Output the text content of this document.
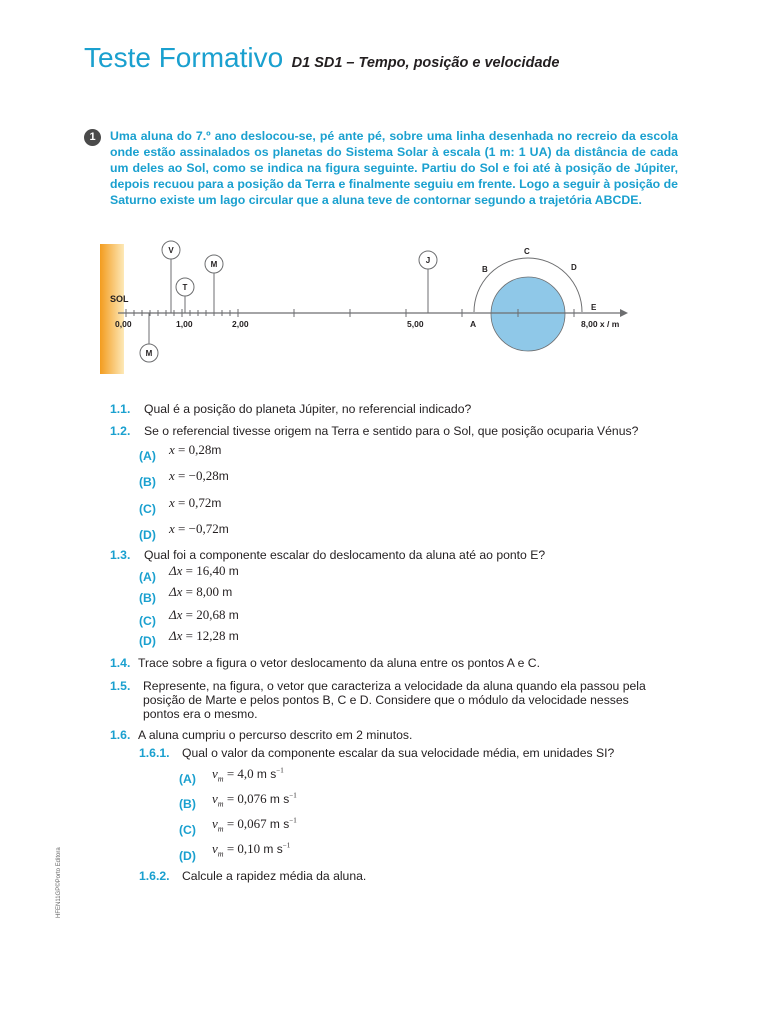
Teste Formativo D1 SD1 – Tempo, posição e velocidade
1	Uma aluna do 7.º ano deslocou-se, pé ante pé, sobre uma linha desenhada no recreio da escola onde estão assinalados os planetas do Sistema Solar à escala (1 m: 1 UA) da distância de cada um deles ao Sol, como se indica na figura seguinte. Partiu do Sol e foi até à posição de Júpiter, depois recuou para a posição da Terra e finalmente seguiu em frente. Logo a seguir à posição de Saturno existe um lago circular que a aluna teve de contornar segundo a trajetória ABCDE.
SOL
0,00	1,00	2,00	5,00	A	8,00 x / m
V
T
M	J
M
B
C
D
E
1.1. Qual é a posição do planeta Júpiter, no referencial indicado?
1.2. Se o referencial tivesse origem na Terra e sentido para o Sol, que posição ocuparia Vénus?
(A) x = 0,28m
(B) x = −0,28m
(C) x = 0,72m
(D) x = −0,72m
1.3. Qual foi a componente escalar do deslocamento da aluna até ao ponto E?
(A) Δx = 16,40 m
(B) Δx = 8,00 m
(C) Δx = 20,68 m
(D) Δx = 12,28 m
1.4. Trace sobre a figura o vetor deslocamento da aluna entre os pontos A e C.
1.5. Represente, na figura, o vetor que caracteriza a velocidade da aluna quando ela passou pela
posição de Marte e pelos pontos B, C e D. Considere que o módulo da velocidade nesses
pontos era o mesmo.
1.6. A aluna cumpriu o percurso descrito em 2 minutos.
1.6.1. Qual o valor da componente escalar da sua velocidade média, em unidades SI?
(A) $v_m = 4,0$ m $s^{-1}$
(B) $v_m = 0,076$ m $s^{-1}$
(C) $v_m = 0,067$ m $s^{-1}$
(D) $v_m = 0,10$ m $s^{-1}$
1.6.2. Calcule a rapidez média da aluna.
HFEN11GP©Porto Editora
